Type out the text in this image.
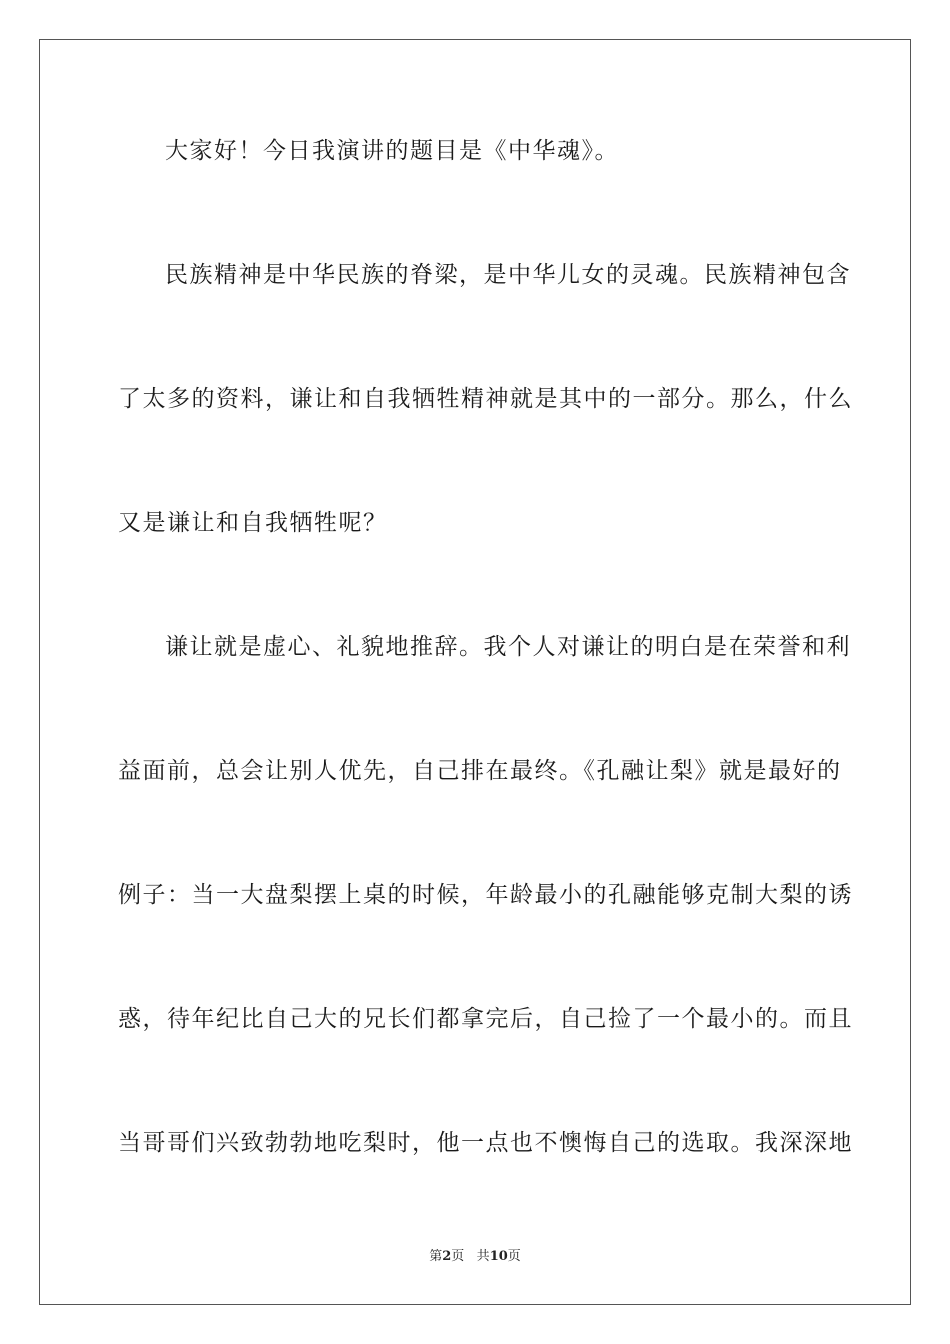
大家好！今日我演讲的题目是《中华魂》。
民族精神是中华民族的脊梁，是中华儿女的灵魂。民族精神包含
了太多的资料，谦让和自我牺牲精神就是其中的一部分。那么，什么
又是谦让和自我牺牲呢？
谦让就是虚心、礼貌地推辞。我个人对谦让的明白是在荣誉和利
益面前，总会让别人优先，自己排在最终。《孔融让梨》就是最好的
例子：当一大盘梨摆上桌的时候，年龄最小的孔融能够克制大梨的诱
惑，待年纪比自己大的兄长们都拿完后，自己捡了一个最小的。而且
当哥哥们兴致勃勃地吃梨时，他一点也不懊悔自己的选取。我深深地
第2页 共10页
